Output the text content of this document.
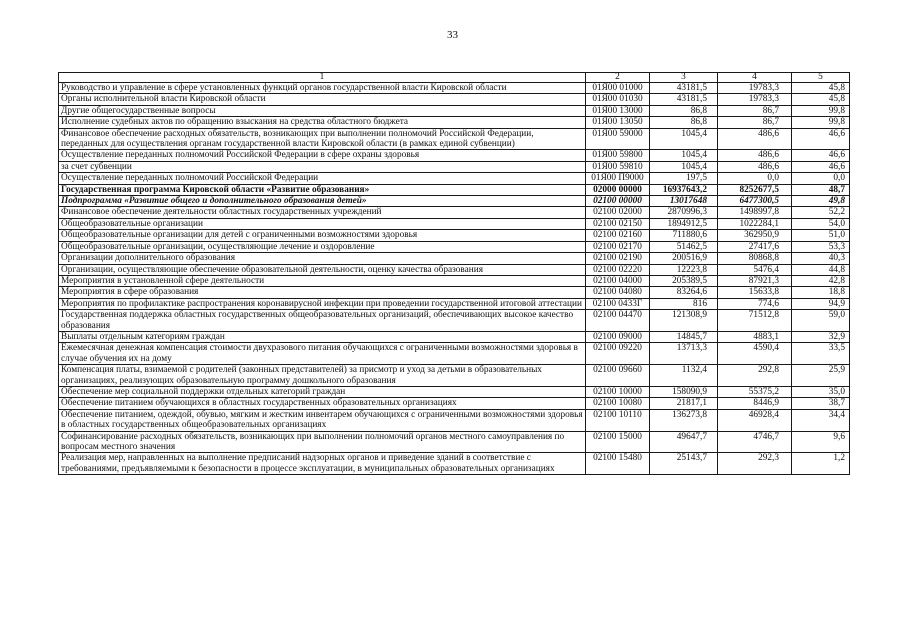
33
1	2	3	4	5
Руководство и управление в сфере установленных функций органов государственной власти Кировской области	01Я00 01000	43181,5	19783,3	45,8
Органы исполнительной власти Кировской области	01Я00 01030	43181,5	19783,3	45,8
Другие общегосударственные вопросы	01Я00 13000	86,8	86,7	99,8
Исполнение судебных актов по обращению взыскания на средства областного бюджета	01Я00 13050	86,8	86,7	99,8
Финансовое обеспечение расходных обязательств, возникающих при выполнении полномочий Российской Федерации, переданных для осуществления органам государственной власти Кировской области (в рамках единой субвенции)	01Я00 59000	1045,4	486,6	46,6
Осуществление переданных полномочий Российской Федерации в сфере охраны здоровья	01Я00 59800	1045,4	486,6	46,6
за счет субвенции	01Я00 59810	1045,4	486,6	46,6
Осуществление переданных полномочий Российской Федерации	01Я00 П9000	197,5	0,0	0,0
Государственная программа Кировской области «Развитие образования»	02000 00000	16937643,2	8252677,5	48,7
Подпрограмма «Развитие общего и дополнительного образования детей»	02100 00000	13017648	6477300,5	49,8
Финансовое обеспечение деятельности областных государственных учреждений	02100 02000	2870996,3	1498997,8	52,2
Общеобразовательные организации	02100 02150	1894912,5	1022284,1	54,0
Общеобразовательные организации для детей с ограниченными возможностями здоровья	02100 02160	711880,6	362950,9	51,0
Общеобразовательные организации, осуществляющие лечение и оздоровление	02100 02170	51462,5	27417,6	53,3
Организации дополнительного образования	02100 02190	200516,9	80868,8	40,3
Организации, осуществляющие обеспечение образовательной деятельности, оценку качества образования	02100 02220	12223,8	5476,4	44,8
Мероприятия в установленной сфере деятельности	02100 04000	205389,5	87921,3	42,8
Мероприятия в сфере образования	02100 04080	83264,6	15633,8	18,8
Мероприятия по профилактике распространения коронавирусной инфекции при проведении государственной итоговой аттестации	02100 0433Г	816	774,6	94,9
Государственная поддержка областных государственных общеобразовательных организаций, обеспечивающих высокое качество образования	02100 04470	121308,9	71512,8	59,0
Выплаты отдельным категориям граждан	02100 09000	14845,7	4883,1	32,9
Ежемесячная денежная компенсация стоимости двухразового питания обучающихся с ограниченными возможностями здоровья в случае обучения их на дому	02100 09220	13713,3	4590,4	33,5
Компенсация платы, взимаемой с родителей (законных представителей) за присмотр и уход за детьми в образовательных организациях, реализующих образовательную программу дошкольного образования	02100 09660	1132,4	292,8	25,9
Обеспечение мер социальной поддержки отдельных категорий граждан	02100 10000	158090,9	55375,2	35,0
Обеспечение питанием обучающихся в областных государственных образовательных организациях	02100 10080	21817,1	8446,9	38,7
Обеспечение питанием, одеждой, обувью, мягким и жестким инвентарем обучающихся с ограниченными возможностями здоровья в областных государственных общеобразовательных организациях	02100 10110	136273,8	46928,4	34,4
Софинансирование расходных обязательств, возникающих при выполнении полномочий органов местного самоуправления по вопросам местного значения	02100 15000	49647,7	4746,7	9,6
Реализация мер, направленных на выполнение предписаний надзорных органов и приведение зданий в соответствие с требованиями, предъявляемыми к безопасности в процессе эксплуатации, в муниципальных образовательных организациях	02100 15480	25143,7	292,3	1,2
